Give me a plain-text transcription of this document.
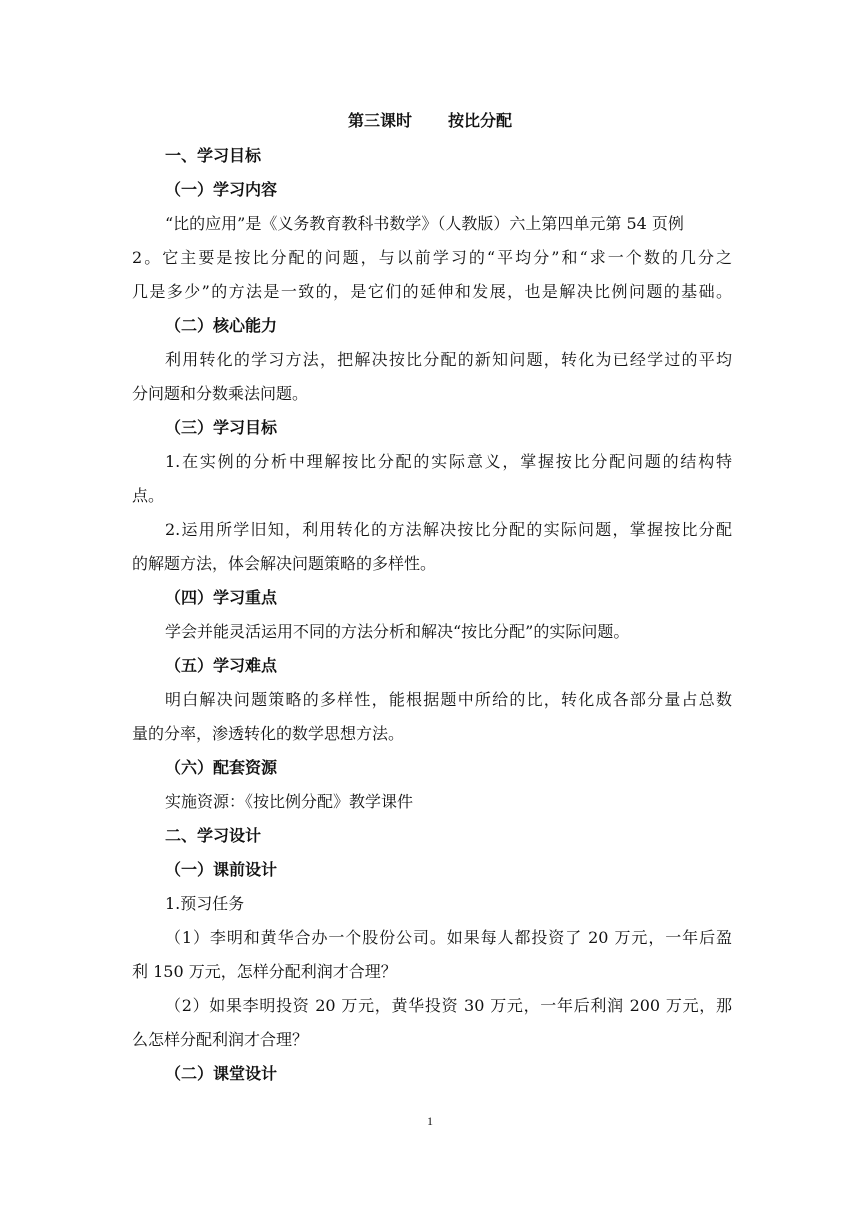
第三课时 按比分配
一、学习目标
（一）学习内容
“比的应用”是《义务教育教科书数学》（人教版）六上第四单元第 54 页例
2。它主要是按比分配的问题，与以前学习的“平均分”和“求一个数的几分之
几是多少”的方法是一致的，是它们的延伸和发展，也是解决比例问题的基础。
（二）核心能力
利用转化的学习方法，把解决按比分配的新知问题，转化为已经学过的平均
分问题和分数乘法问题。
（三）学习目标
1.在实例的分析中理解按比分配的实际意义，掌握按比分配问题的结构特
点。
2.运用所学旧知，利用转化的方法解决按比分配的实际问题，掌握按比分配
的解题方法，体会解决问题策略的多样性。
（四）学习重点
学会并能灵活运用不同的方法分析和解决“按比分配”的实际问题。
（五）学习难点
明白解决问题策略的多样性，能根据题中所给的比，转化成各部分量占总数
量的分率，渗透转化的数学思想方法。
（六）配套资源
实施资源：《按比例分配》教学课件
二、学习设计
（一）课前设计
1.预习任务
（1）李明和黄华合办一个股份公司。如果每人都投资了 20 万元，一年后盈
利 150 万元，怎样分配利润才合理？
（2）如果李明投资 20 万元，黄华投资 30 万元，一年后利润 200 万元，那
么怎样分配利润才合理？
（二）课堂设计
1
